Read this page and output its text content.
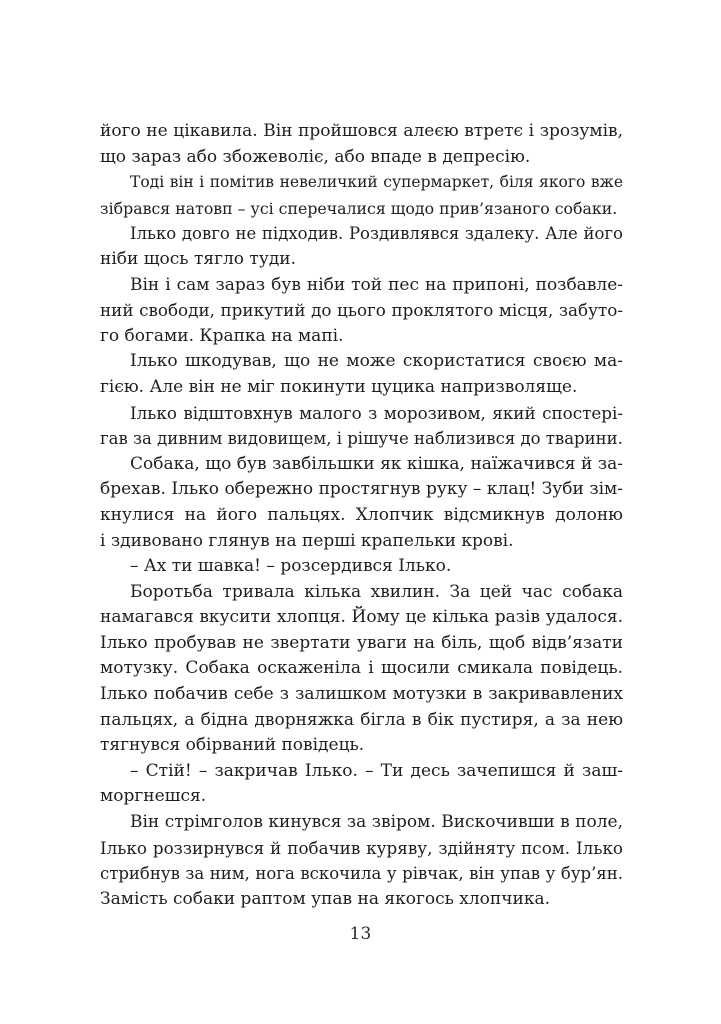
його не цікавила. Він пройшовся алеєю втретє і зрозумів,
що зараз або збожеволіє, або впаде в депресію.
Тоді він і помітив невеличкий супермаркет, біля якого вже
зібрався натовп – усі сперечалися щодо прив’язаного собаки.
Ілько довго не підходив. Роздивлявся здалеку. Але його
ніби щось тягло туди.
Він і сам зараз був ніби той пес на припоні, позбавле-
ний свободи, прикутий до цього проклятого місця, забуто-
го богами. Крапка на мапі.
Ілько шкодував, що не може скористатися своєю ма-
гією. Але він не міг покинути цуцика напризволяще.
Ілько відштовхнув малого з морозивом, який спостері-
гав за дивним видовищем, і рішуче наблизився до тварини.
Собака, що був завбільшки як кішка, наїжачився й за-
брехав. Ілько обережно простягнув руку – клац! Зуби зім-
кнулися на його пальцях. Хлопчик відсмикнув долоню
і здивовано глянув на перші крапельки крові.
– Ах ти шавка! – розсердився Ілько.
Боротьба тривала кілька хвилин. За цей час собака
намагався вкусити хлопця. Йому це кілька разів удалося.
Ілько пробував не звертати уваги на біль, щоб відв’язати
мотузку. Собака оскаженіла і щосили смикала повідець.
Ілько побачив себе з залишком мотузки в закривавлених
пальцях, а бідна дворняжка бігла в бік пустиря, а за нею
тягнувся обірваний повідець.
– Стій! – закричав Ілько. – Ти десь зачепишся й заш-
моргнешся.
Він стрімголов кинувся за звіром. Вискочивши в поле,
Ілько роззирнувся й побачив куряву, здійняту псом. Ілько
стрибнув за ним, нога вскочила у рівчак, він упав у бур’ян.
Замість собаки раптом упав на якогось хлопчика.
13
